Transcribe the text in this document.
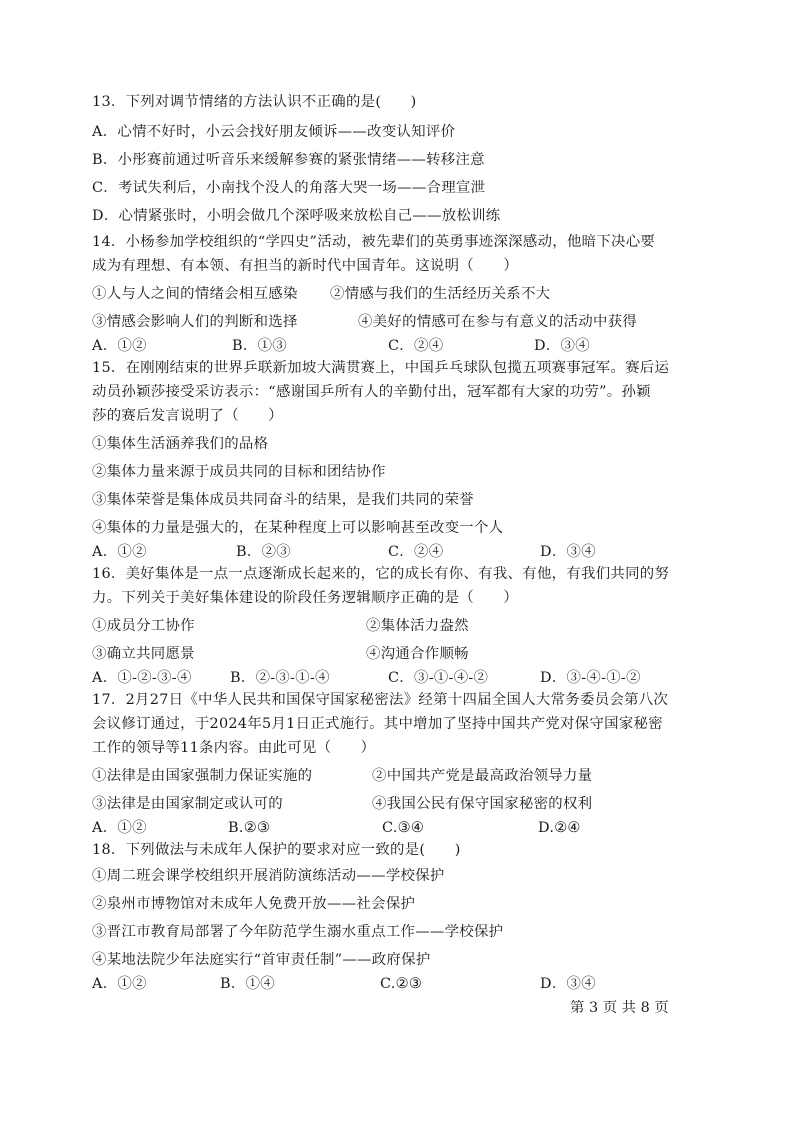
13．下列对调节情绪的方法认识不正确的是(　　)
A．心情不好时，小云会找好朋友倾诉——改变认知评价
B．小彤赛前通过听音乐来缓解参赛的紧张情绪——转移注意
C．考试失利后，小南找个没人的角落大哭一场——合理宣泄
D．心情紧张时，小明会做几个深呼吸来放松自己——放松训练
14．小杨参加学校组织的“学四史”活动，被先辈们的英勇事迹深深感动，他暗下决心要
成为有理想、有本领、有担当的新时代中国青年。这说明（　　）
①人与人之间的情绪会相互感染 ②情感与我们的生活经历关系不大
③情感会影响人们的判断和选择	④美好的情感可在参与有意义的活动中获得
A．①②	B．①③	C．②④	D．③④
15．在刚刚结束的世界乒联新加坡大满贯赛上，中国乒乓球队包揽五项赛事冠军。赛后运
动员孙颖莎接受采访表示：“感谢国乒所有人的辛勤付出，冠军都有大家的功劳”。孙颖
莎的赛后发言说明了（　　）
①集体生活涵养我们的品格
②集体力量来源于成员共同的目标和团结协作
③集体荣誉是集体成员共同奋斗的结果，是我们共同的荣誉
④集体的力量是强大的，在某种程度上可以影响甚至改变一个人
A．①②	B．②③	C．②④	D．③④
16．美好集体是一点一点逐渐成长起来的，它的成长有你、有我、有他，有我们共同的努
力。下列关于美好集体建设的阶段任务逻辑顺序正确的是（　　）
①成员分工协作	②集体活力盎然
③确立共同愿景	④沟通合作顺畅
A．①-②-③-④	B．②-③-①-④	C．③-①-④-②	D．③-④-①-②
17．2月27日《中华人民共和国保守国家秘密法》经第十四届全国人大常务委员会第八次
会议修订通过，于2024年5月1日正式施行。其中增加了坚持中国共产党对保守国家秘密
工作的领导等11条内容。由此可见（　　）
①法律是由国家强制力保证实施的	②中国共产党是最高政治领导力量
③法律是由国家制定或认可的	④我国公民有保守国家秘密的权利
A．①②	B.②③	C.③④	D.②④
18．下列做法与未成年人保护的要求对应一致的是(　　)
①周二班会课学校组织开展消防演练活动——学校保护
②泉州市博物馆对未成年人免费开放——社会保护
③晋江市教育局部署了今年防范学生溺水重点工作——学校保护
④某地法院少年法庭实行“首审责任制”——政府保护
A．①②	B．①④	C.②③	D．③④
第 3 页 共 8 页
